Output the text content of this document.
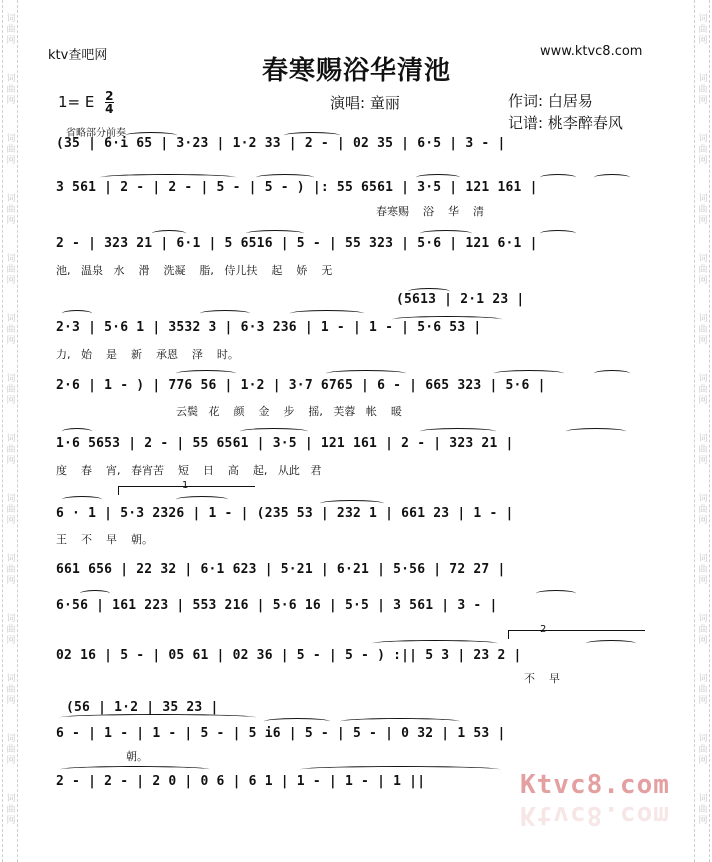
词
曲
网
词
曲
网
词
曲
网
词
曲
网
词
曲
网
词
曲
网
词
曲
网
词
曲
网
词
曲
网
词
曲
网
词
曲
网
词
曲
网
词
曲
网
词
曲
网
词
曲
网
词
曲
网
词
曲
网
词
曲
网
词
曲
网
词
曲
网
词
曲
网
词
曲
网
词
曲
网
词
曲
网
词
曲
网
词
曲
网
词
曲
网
词
曲
网
ktv查吧网	www.ktvc8.com
春寒赐浴华清池
1= E $\frac{2}{4}$	演唱: 童丽	作词: 白居易
记谱: 桃李醉春风
省略部分前奏
(35 | 6·i 65 | 3·23 | 1·2 33 | 2 - | 02 35 | 6·5 | 3 - |
3 561 | 2 - | 2 - | 5 - | 5 - ) |: 55 6561 | 3·5 | 121 161 |
春寒赐    浴    华    清
2 - | 323 21 | 6·1 | 5 6516 | 5 - | 55 323 | 5·6 | 121 6·1 |
池,   温泉   水    滑    洗凝    脂,   侍儿扶    起    娇    无
(5613 | 2·1 23 |
2·3 | 5·6 1 | 3532 3 | 6·3 236 | 1 - | 1 - | 5·6 53 |
力,   始    是    新    承恩    泽    时。
2·6 | 1 - ) | 776 56 | 1·2 | 3·7 6765 | 6 - | 665 323 | 5·6 |
云鬓   花    颜    金    步    摇,   芙蓉   帐    暖
1·6 5653 | 2 - | 55 6561 | 3·5 | 121 161 | 2 - | 323 21 |
度    春    宵,   春宵苦    短    日    高    起,   从此   君
1
6 · 1 | 5·3 2326 | 1 - | (235 53 | 232 1 | 661 23 | 1 - |
王    不    早    朝。
661 656 | 22 32 | 6·1 623 | 5·21 | 6·21 | 5·56 | 72 27 |
6·56 | 161 223 | 553 216 | 5·6 16 | 5·5 | 3 561 | 3 - |
2
02 16 | 5 - | 05 61 | 02 36 | 5 - | 5 - ) :|| 5 3 | 23 2 |
不    早
(56 | 1·2 | 35 23 |
6 - | 1 - | 1 - | 5 - | 5 i6 | 5 - | 5 - | 0 32 | 1 53 |
朝。
2 - | 2 - | 2 0 | 0 6 | 6 1 | 1 - | 1 - | 1 ||	Ktvc8.com
Ktvc8.com
